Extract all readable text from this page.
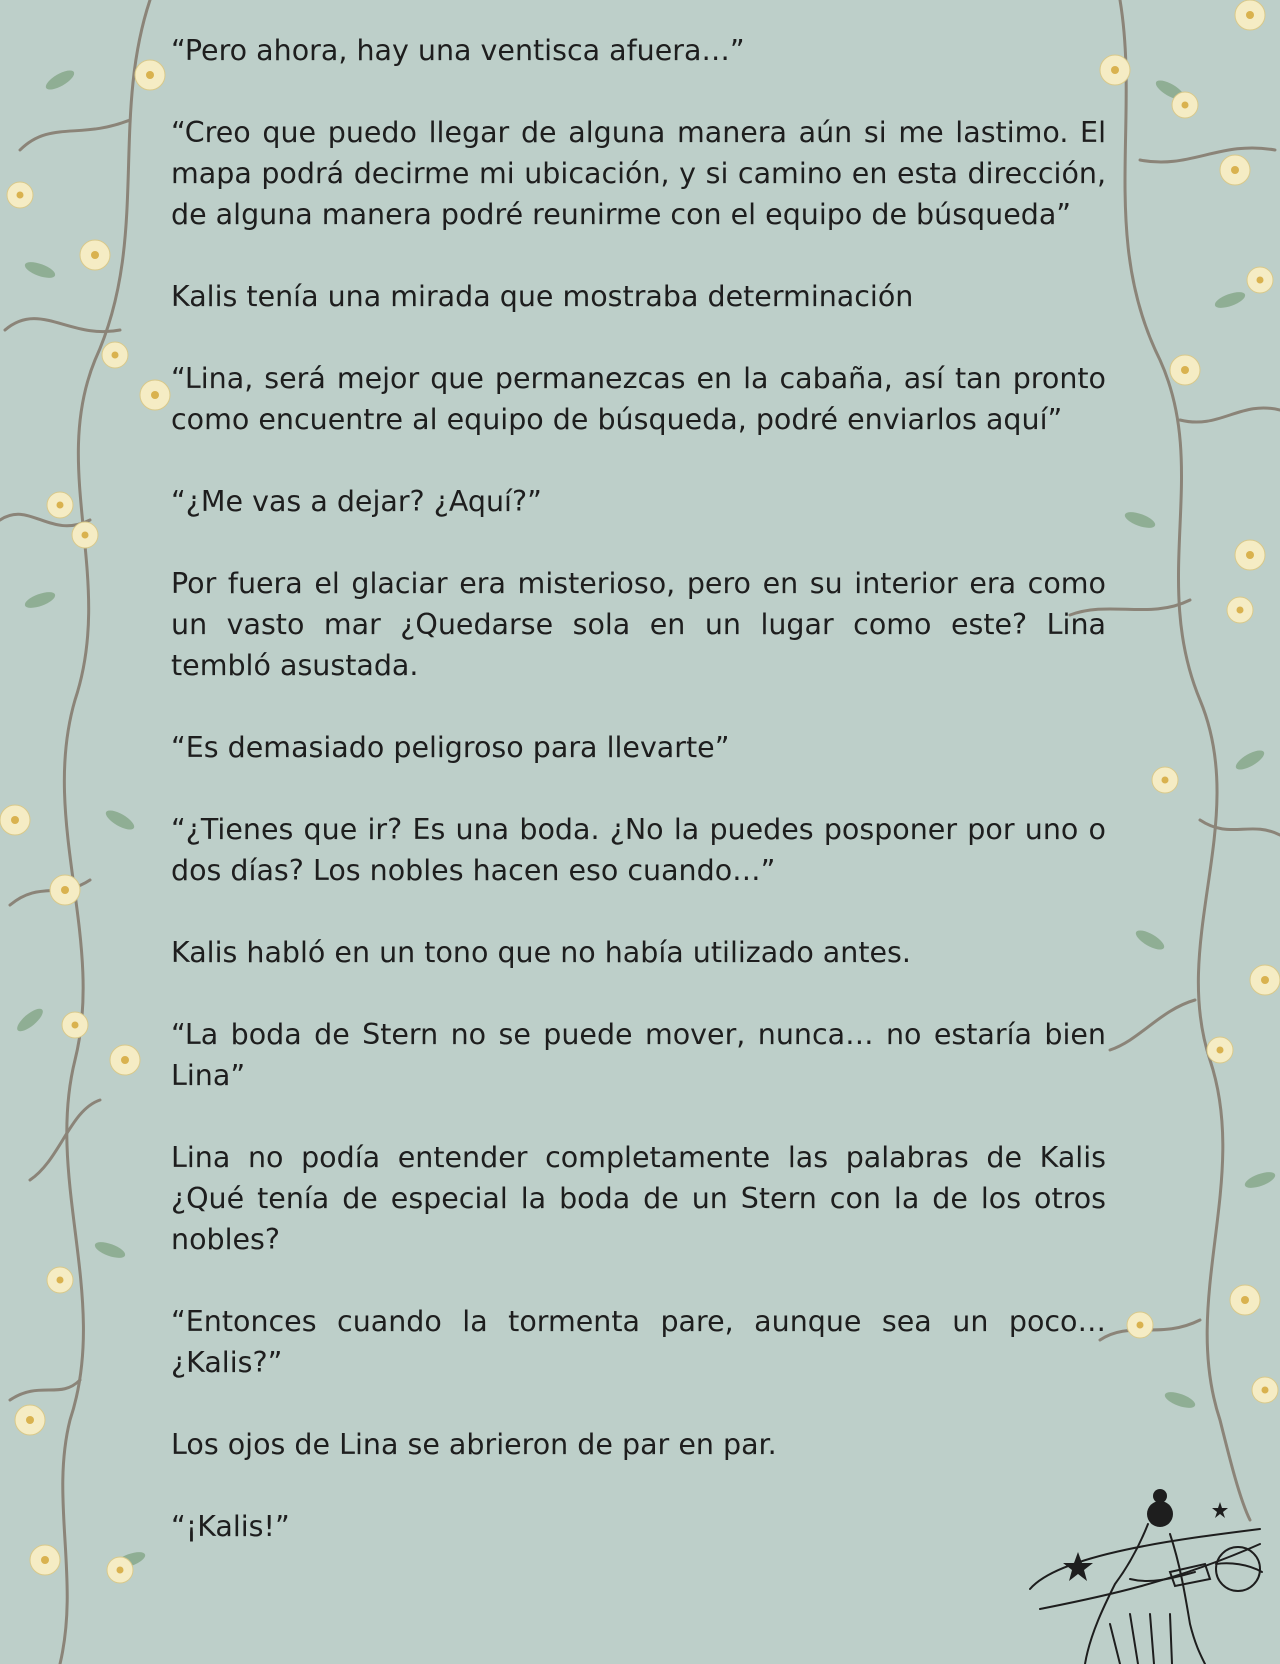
“Pero ahora, hay una ventisca afuera…”

“Creo que puedo llegar de alguna manera aún si me lastimo. El mapa podrá decirme mi ubicación, y si camino en esta dirección, de alguna manera podré reunirme con el equipo de búsqueda”

Kalis tenía una mirada que mostraba determinación

“Lina, será mejor que permanezcas en la cabaña, así tan pronto como encuentre al equipo de búsqueda, podré enviarlos aquí”

“¿Me vas a dejar? ¿Aquí?”

Por fuera el glaciar era misterioso, pero en su interior era como un vasto mar ¿Quedarse sola en un lugar como este? Lina tembló asustada.

“Es demasiado peligroso para llevarte”

“¿Tienes que ir? Es una boda. ¿No la puedes posponer por uno o dos días? Los nobles hacen eso cuando…”

Kalis habló en un tono que no había utilizado antes.

“La boda de Stern no se puede mover, nunca… no estaría bien Lina”

Lina no podía entender completamente las palabras de Kalis ¿Qué tenía de especial la boda de un Stern con la de los otros nobles?

“Entonces cuando la tormenta pare, aunque sea un poco… ¿Kalis?”

Los ojos de Lina se abrieron de par en par.

“¡Kalis!”
